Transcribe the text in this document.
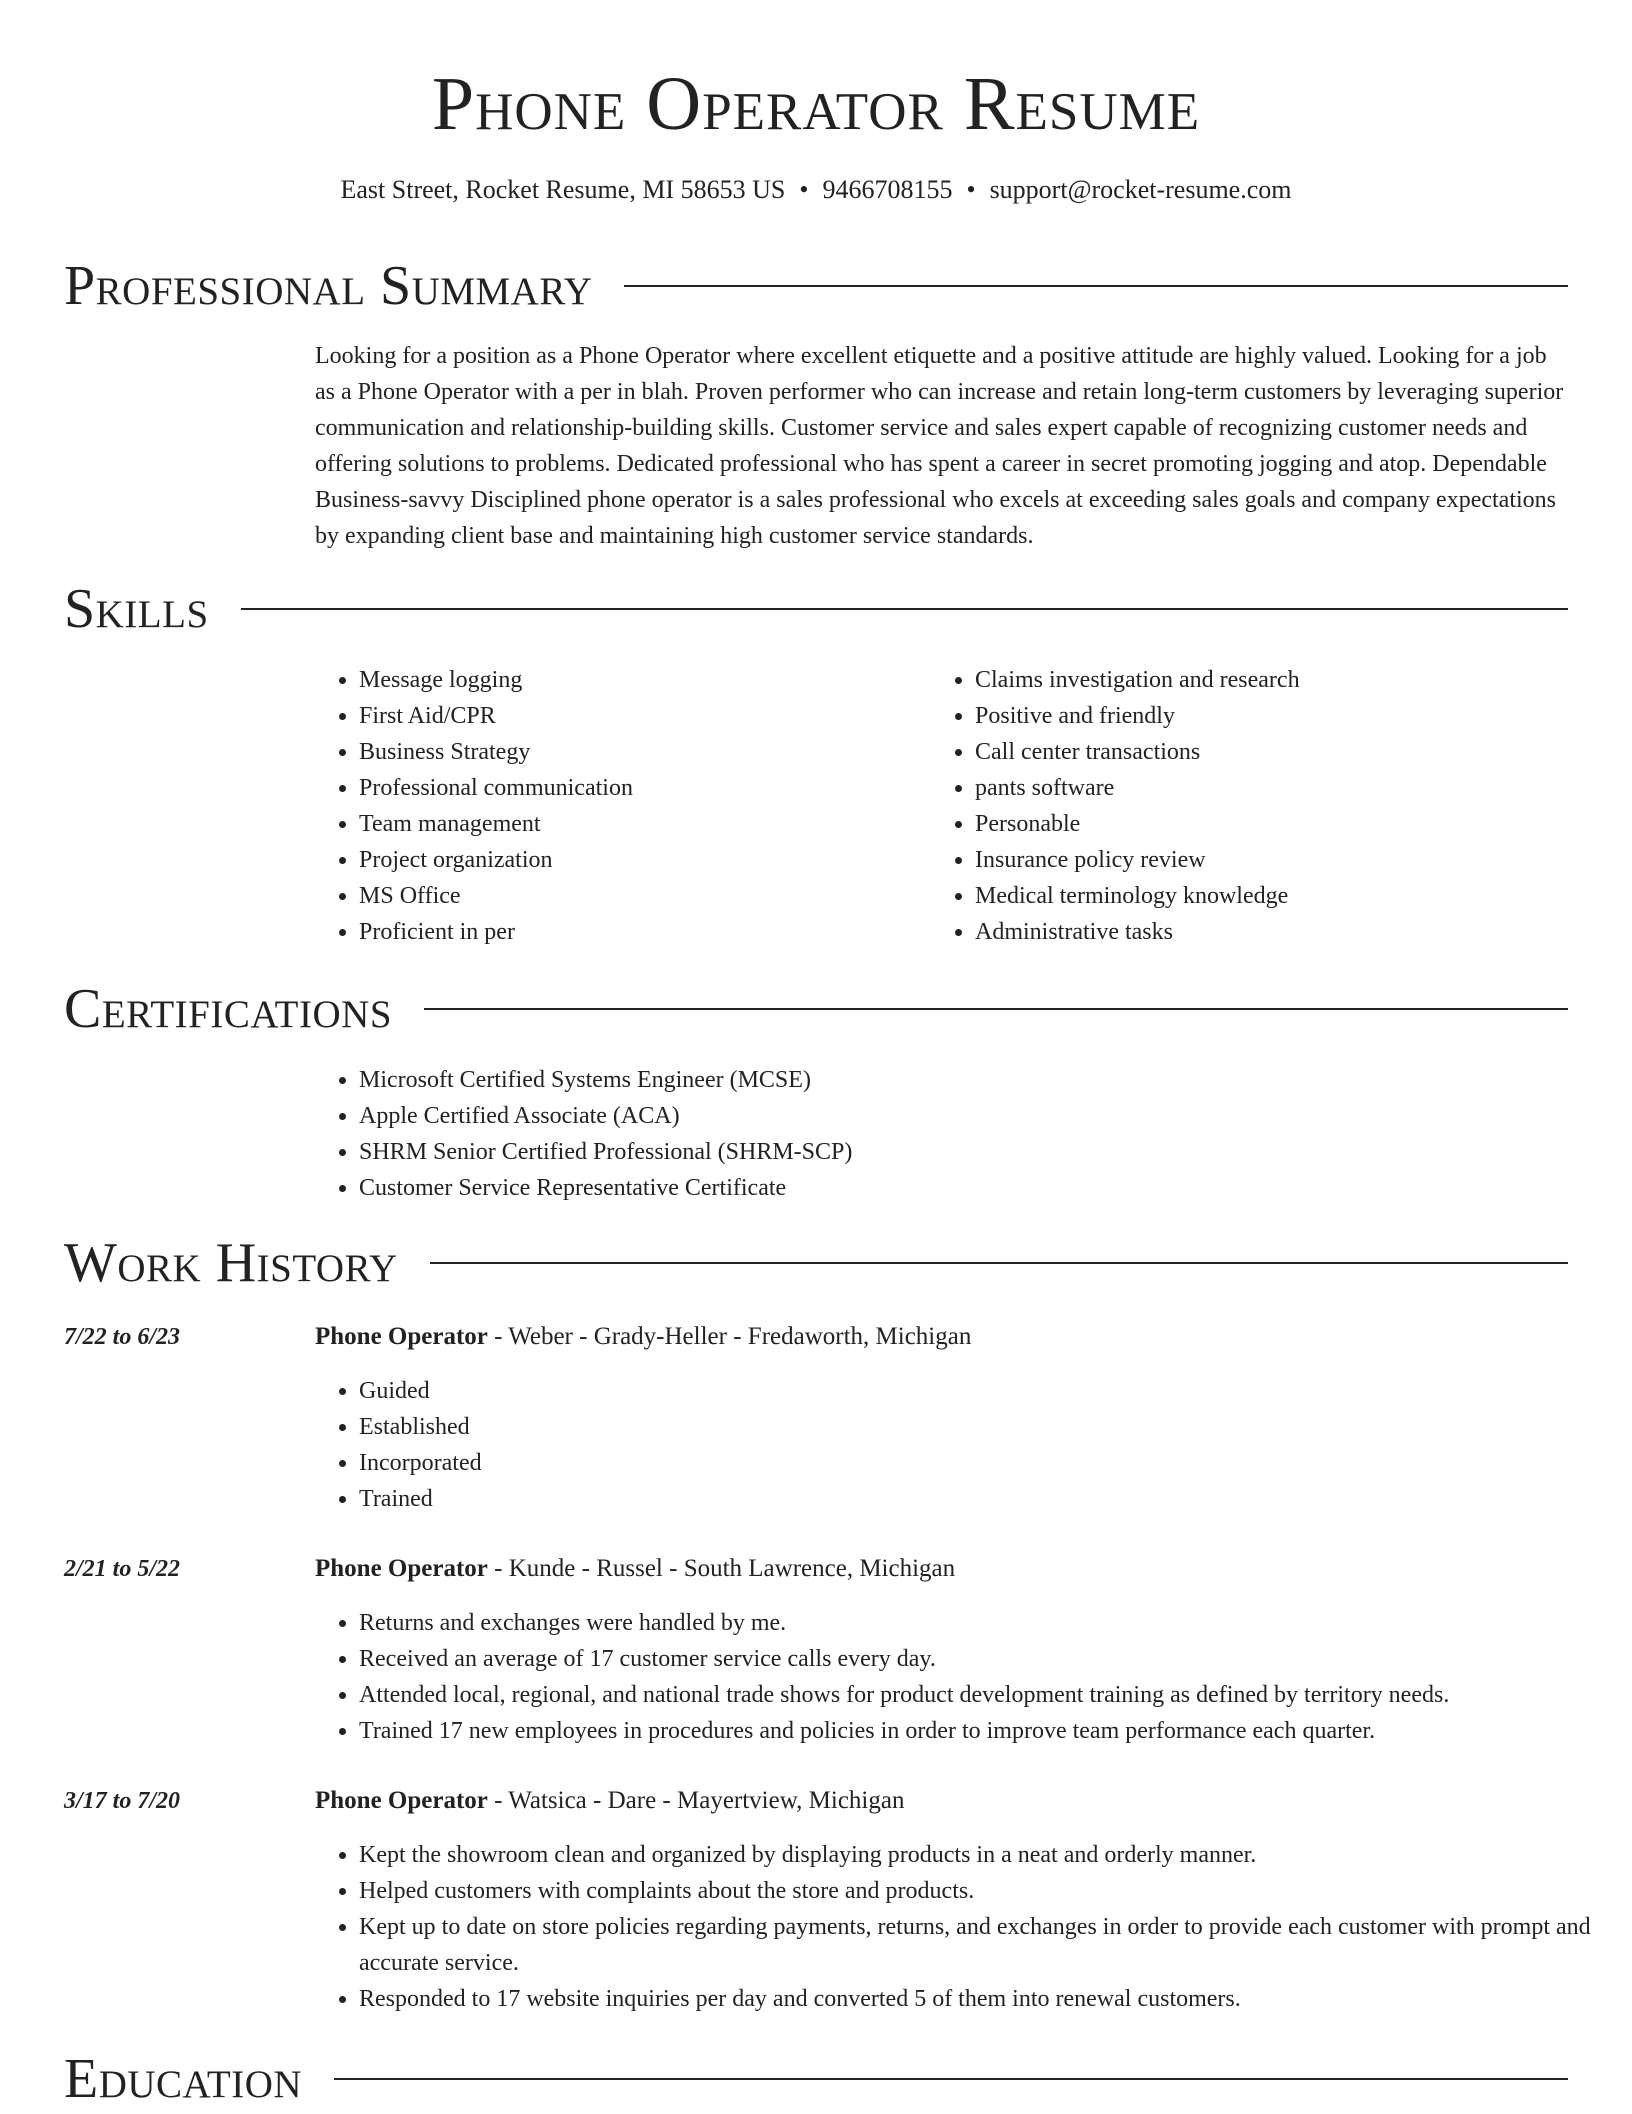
Phone Operator Resume
East Street, Rocket Resume, MI 58653 US • 9466708155 • support@rocket-resume.com
Professional Summary

Looking for a position as a Phone Operator where excellent etiquette and a positive attitude are highly valued. Looking for a job as a Phone Operator with a per in blah. Proven performer who can increase and retain long-term customers by leveraging superior communication and relationship-building skills. Customer service and sales expert capable of recognizing customer needs and offering solutions to problems. Dedicated professional who has spent a career in secret promoting jogging and atop. Dependable Business-savvy Disciplined phone operator is a sales professional who excels at exceeding sales goals and company expectations by expanding client base and maintaining high customer service standards.

Skills
• Message logging
• First Aid/CPR
• Business Strategy
• Professional communication
• Team management
• Project organization
• MS Office
• Proficient in per
• Claims investigation and research
• Positive and friendly
• Call center transactions
• pants software
• Personable
• Insurance policy review
• Medical terminology knowledge
• Administrative tasks
Certifications
• Microsoft Certified Systems Engineer (MCSE)
• Apple Certified Associate (ACA)
• SHRM Senior Certified Professional (SHRM-SCP)
• Customer Service Representative Certificate
Work History
7/22 to 6/23	Phone Operator - Weber - Grady-Heller - Fredaworth, Michigan
• Guided
• Established
• Incorporated
• Trained
2/21 to 5/22	Phone Operator - Kunde - Russel - South Lawrence, Michigan
• Returns and exchanges were handled by me.
• Received an average of 17 customer service calls every day.
• Attended local, regional, and national trade shows for product development training as defined by territory needs.
• Trained 17 new employees in procedures and policies in order to improve team performance each quarter.
3/17 to 7/20	Phone Operator - Watsica - Dare - Mayertview, Michigan
• Kept the showroom clean and organized by displaying products in a neat and orderly manner.
• Helped customers with complaints about the store and products.
• Kept up to date on store policies regarding payments, returns, and exchanges in order to provide each customer with prompt and accurate service.
• Responded to 17 website inquiries per day and converted 5 of them into renewal customers.
Education
